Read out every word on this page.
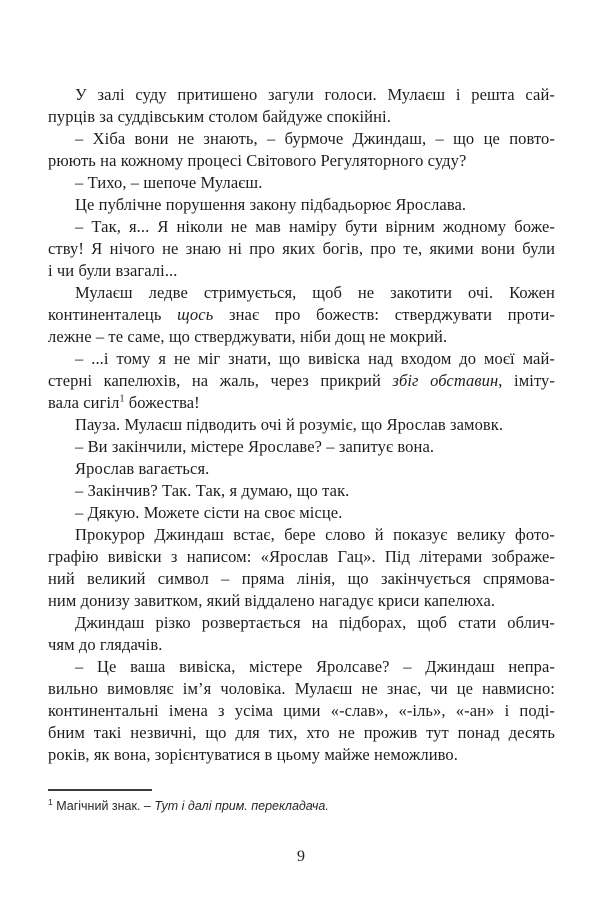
У залі суду притишено загули голоси. Мулаєш і решта сай-
пурців за суддівським столом байдуже спокійні.
– Хіба вони не знають, – бурмоче Джиндаш, – що це повто-
рюють на кожному процесі Світового Регуляторного суду?
– Тихо, – шепоче Мулаєш.
Це публічне порушення закону підбадьорює Ярослава.
– Так, я... Я ніколи не мав наміру бути вірним жодному боже-
ству! Я нічого не знаю ні про яких богів, про те, якими вони були
і чи були взагалі...
Мулаєш ледве стримується, щоб не закотити очі. Кожен
континенталець щось знає про божеств: стверджувати проти-
лежне – те саме, що стверджувати, ніби дощ не мокрий.
– ...і тому я не міг знати, що вивіска над входом до моєї май-
стерні капелюхів, на жаль, через прикрий збіг обставин, іміту-
вала сигіл$^1$ божества!
Пауза. Мулаєш підводить очі й розуміє, що Ярослав замовк.
– Ви закінчили, містере Ярославе? – запитує вона.
Ярослав вагається.
– Закінчив? Так. Так, я думаю, що так.
– Дякую. Можете сісти на своє місце.
Прокурор Джиндаш встає, бере слово й показує велику фото-
графію вивіски з написом: «Ярослав Гац». Під літерами зображе-
ний великий символ – пряма лінія, що закінчується спрямова-
ним донизу завитком, який віддалено нагадує криси капелюха.
Джиндаш різко розвертається на підборах, щоб стати облич-
чям до глядачів.
– Це ваша вивіска, містере Яролсаве? – Джиндаш непра-
вильно вимовляє ім’я чоловіка. Мулаєш не знає, чи це навмисно:
континентальні імена з усіма цими «-слав», «-іль», «-ан» і поді-
бним такі незвичні, що для тих, хто не прожив тут понад десять
років, як вона, зорієнтуватися в цьому майже неможливо.
$^1$ Магічний знак. – Тут і далі прим. перекладача.
9
